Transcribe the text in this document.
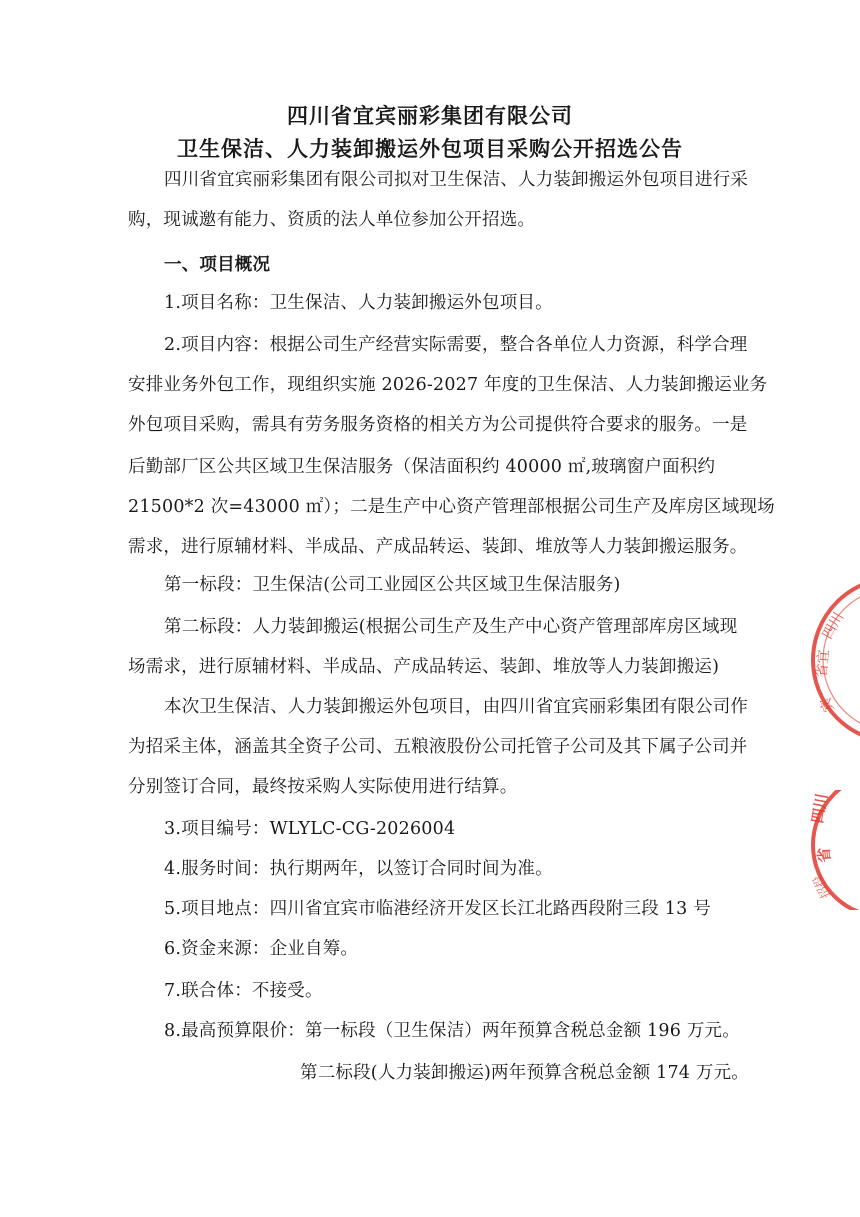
四川省宜宾丽彩集团有限公司
卫生保洁、人力装卸搬运外包项目采购公开招选公告
四川省宜宾丽彩集团有限公司拟对卫生保洁、人力装卸搬运外包项目进行采
购，现诚邀有能力、资质的法人单位参加公开招选。
一、项目概况
1.项目名称：卫生保洁、人力装卸搬运外包项目。
2.项目内容：根据公司生产经营实际需要，整合各单位人力资源，科学合理
安排业务外包工作，现组织实施 2026-2027 年度的卫生保洁、人力装卸搬运业务
外包项目采购，需具有劳务服务资格的相关方为公司提供符合要求的服务。一是
后勤部厂区公共区域卫生保洁服务（保洁面积约 40000 ㎡,玻璃窗户面积约
21500*2 次=43000 ㎡）；二是生产中心资产管理部根据公司生产及库房区域现场
需求，进行原辅材料、半成品、产成品转运、装卸、堆放等人力装卸搬运服务。
第一标段：卫生保洁(公司工业园区公共区域卫生保洁服务)
第二标段：人力装卸搬运(根据公司生产及生产中心资产管理部库房区域现
场需求，进行原辅材料、半成品、产成品转运、装卸、堆放等人力装卸搬运)
本次卫生保洁、人力装卸搬运外包项目，由四川省宜宾丽彩集团有限公司作
为招采主体，涵盖其全资子公司、五粮液股份公司托管子公司及其下属子公司并
分别签订合同，最终按采购人实际使用进行结算。
3.项目编号：WLYLC-CG-2026004
4.服务时间：执行期两年，以签订合同时间为准。
5.项目地点：四川省宜宾市临港经济开发区长江北路西段附三段 13 号
6.资金来源：企业自筹。
7.联合体：不接受。
8.最高预算限价：第一标段（卫生保洁）两年预算含税总金额 196 万元。
第二标段(人力装卸搬运)两年预算含税总金额 174 万元。
四川
省宜
宾
四川
省
招投
